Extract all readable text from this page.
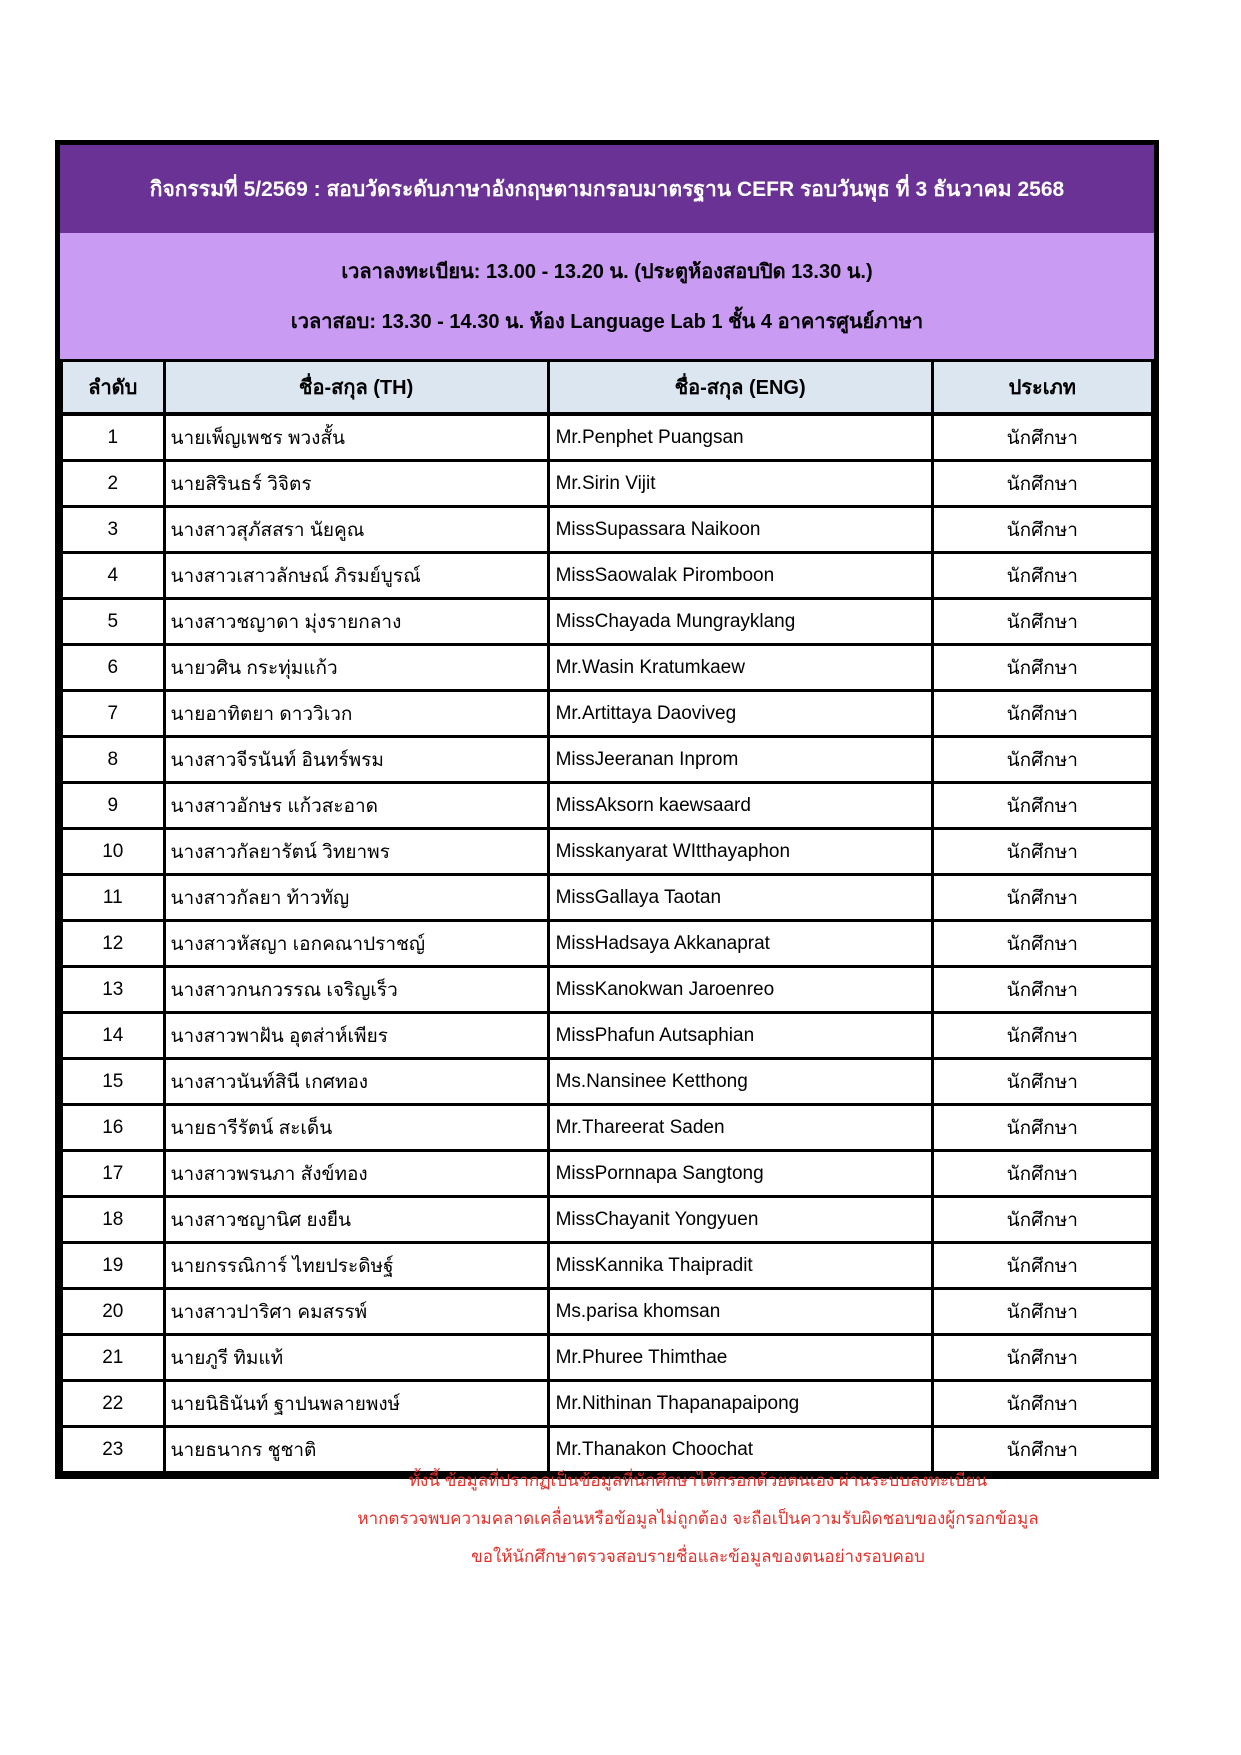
กิจกรรมที่ 5/2569 : สอบวัดระดับภาษาอังกฤษตามกรอบมาตรฐาน CEFR รอบวันพุธ ที่ 3 ธันวาคม 2568
เวลาลงทะเบียน: 13.00 - 13.20 น. (ประตูห้องสอบปิด 13.30 น.)
เวลาสอบ: 13.30 - 14.30 น. ห้อง Language Lab 1 ชั้น 4 อาคารศูนย์ภาษา
ลำดับ	ชื่อ-สกุล (TH)	ชื่อ-สกุล (ENG)	ประเภท
1	นายเพ็ญเพชร พวงสั้น	Mr.Penphet Puangsan	นักศึกษา
2	นายสิรินธร์ วิจิตร	Mr.Sirin Vijit	นักศึกษา
3	นางสาวสุภัสสรา นัยคูณ	MissSupassara Naikoon	นักศึกษา
4	นางสาวเสาวลักษณ์ ภิรมย์บูรณ์	MissSaowalak Piromboon	นักศึกษา
5	นางสาวชญาดา มุ่งรายกลาง	MissChayada Mungrayklang	นักศึกษา
6	นายวศิน กระทุ่มแก้ว	Mr.Wasin Kratumkaew	นักศึกษา
7	นายอาทิตยา ดาววิเวก	Mr.Artittaya Daoviveg	นักศึกษา
8	นางสาวจีรนันท์ อินทร์พรม	MissJeeranan Inprom	นักศึกษา
9	นางสาวอักษร แก้วสะอาด	MissAksorn kaewsaard	นักศึกษา
10	นางสาวกัลยารัตน์ วิทยาพร	Misskanyarat WItthayaphon	นักศึกษา
11	นางสาวกัลยา ท้าวทัญ	MissGallaya Taotan	นักศึกษา
12	นางสาวหัสญา เอกคณาปราชญ์	MissHadsaya Akkanaprat	นักศึกษา
13	นางสาวกนกวรรณ เจริญเร็ว	MissKanokwan Jaroenreo	นักศึกษา
14	นางสาวพาฝัน อุตส่าห์เพียร	MissPhafun Autsaphian	นักศึกษา
15	นางสาวนันท์สินี เกศทอง	Ms.Nansinee Ketthong	นักศึกษา
16	นายธารีรัตน์ สะเด็น	Mr.Thareerat Saden	นักศึกษา
17	นางสาวพรนภา สังข์ทอง	MissPornnapa Sangtong	นักศึกษา
18	นางสาวชญานิศ ยงยืน	MissChayanit Yongyuen	นักศึกษา
19	นายกรรณิการ์ ไทยประดิษฐ์	MissKannika Thaipradit	นักศึกษา
20	นางสาวปาริศา คมสรรพ์	Ms.parisa khomsan	นักศึกษา
21	นายภูรี ทิมแท้	Mr.Phuree Thimthae	นักศึกษา
22	นายนิธินันท์ ฐาปนพลายพงษ์	Mr.Nithinan Thapanapaipong	นักศึกษา
23	นายธนากร ชูชาติ	Mr.Thanakon Choochat	นักศึกษา
ทั้งนี้ ข้อมูลที่ปรากฏเป็นข้อมูลที่นักศึกษาได้กรอกด้วยตนเอง ผ่านระบบลงทะเบียน
หากตรวจพบความคลาดเคลื่อนหรือข้อมูลไม่ถูกต้อง จะถือเป็นความรับผิดชอบของผู้กรอกข้อมูล
ขอให้นักศึกษาตรวจสอบรายชื่อและข้อมูลของตนอย่างรอบคอบ
